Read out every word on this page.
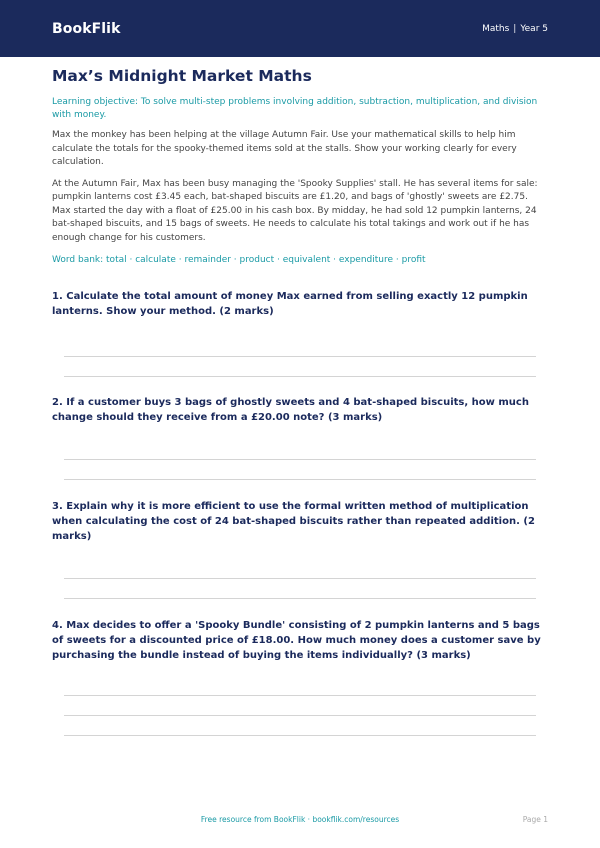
BookFlik	Maths | Year 5
Max’s Midnight Market Maths

Learning objective: To solve multi-step problems involving addition, subtraction, multiplication, and division with money.

Max the monkey has been helping at the village Autumn Fair. Use your mathematical skills to help him calculate the totals for the spooky-themed items sold at the stalls. Show your working clearly for every calculation.

At the Autumn Fair, Max has been busy managing the 'Spooky Supplies' stall. He has several items for sale: pumpkin lanterns cost £3.45 each, bat-shaped biscuits are £1.20, and bags of 'ghostly' sweets are £2.75. Max started the day with a float of £25.00 in his cash box. By midday, he had sold 12 pumpkin lanterns, 24 bat-shaped biscuits, and 15 bags of sweets. He needs to calculate his total takings and work out if he has enough change for his customers.

Word bank: total · calculate · remainder · product · equivalent · expenditure · profit

1. Calculate the total amount of money Max earned from selling exactly 12 pumpkin lanterns. Show your method. (2 marks)

2. If a customer buys 3 bags of ghostly sweets and 4 bat-shaped biscuits, how much change should they receive from a £20.00 note? (3 marks)

3. Explain why it is more efficient to use the formal written method of multiplication when calculating the cost of 24 bat-shaped biscuits rather than repeated addition. (2 marks)

4. Max decides to offer a 'Spooky Bundle' consisting of 2 pumpkin lanterns and 5 bags of sweets for a discounted price of £18.00. How much money does a customer save by purchasing the bundle instead of buying the items individually? (3 marks)

Free resource from BookFlik · bookflik.com/resources	Page 1
